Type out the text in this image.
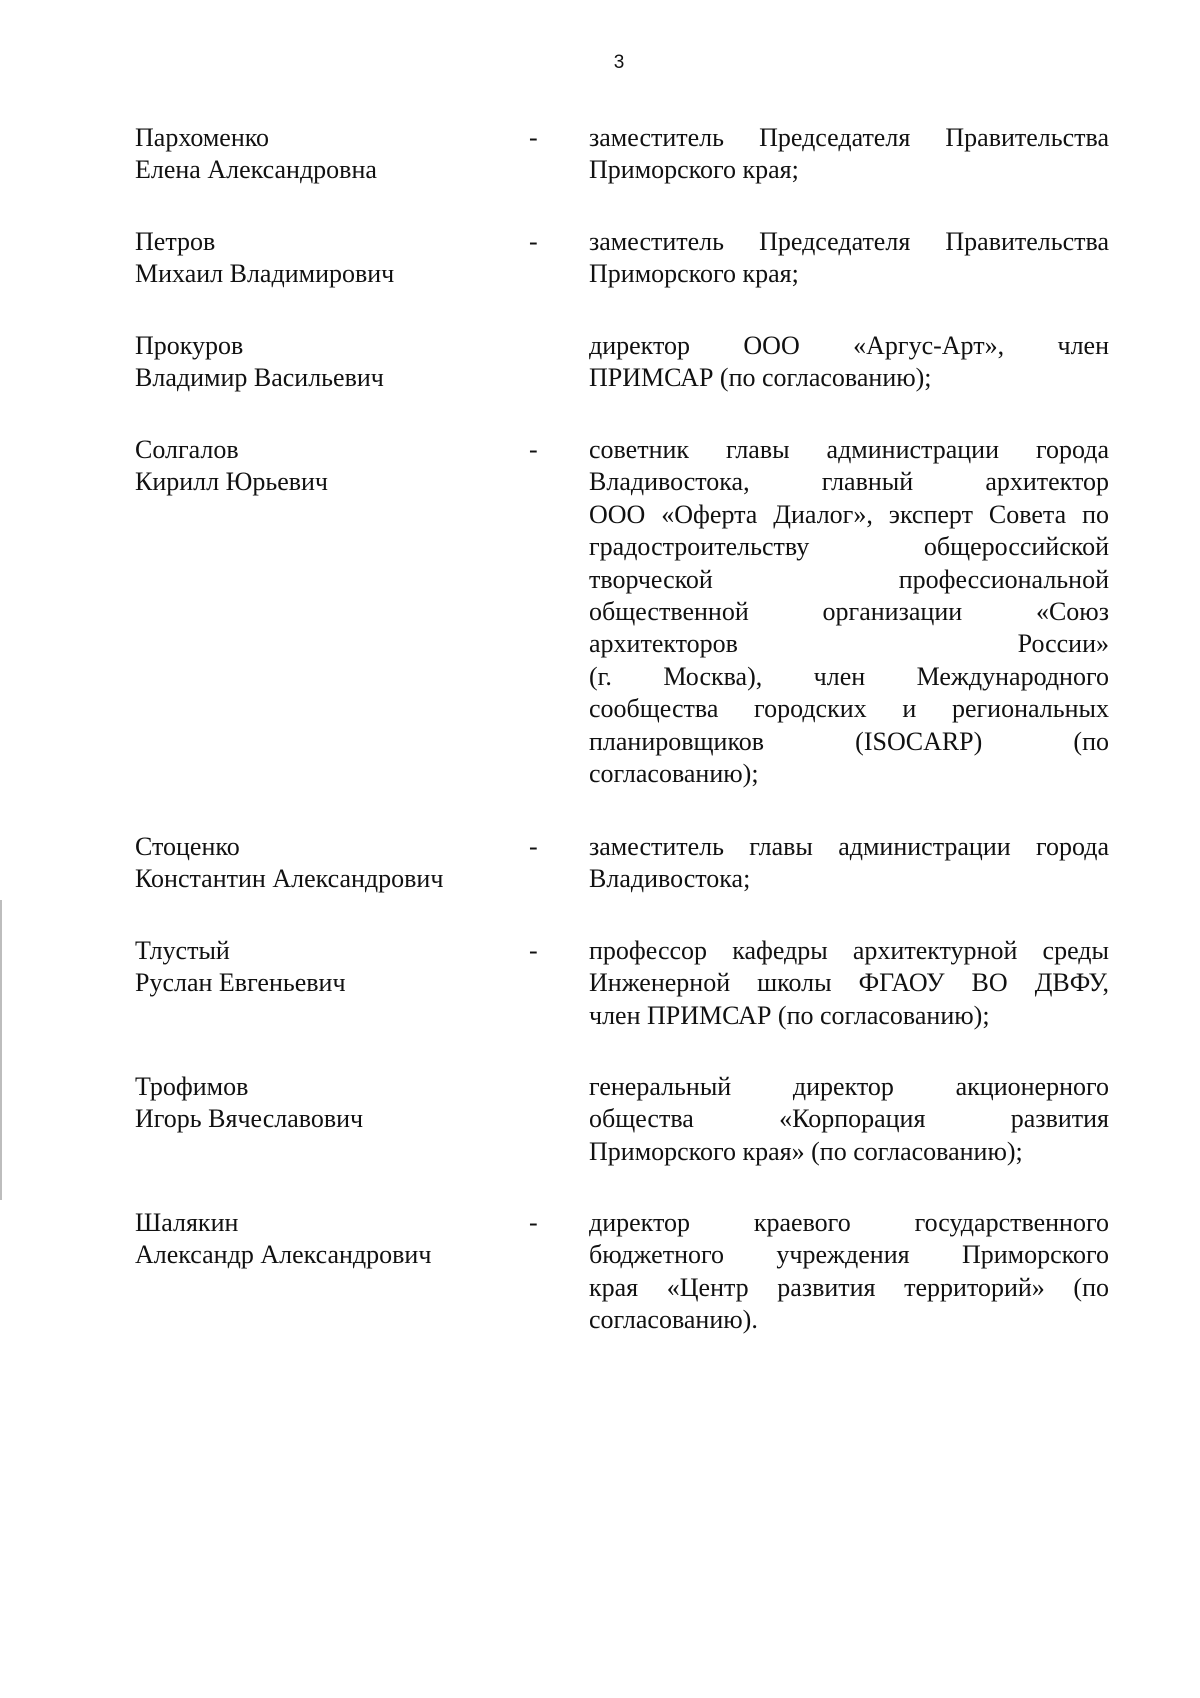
3
Пархоменко
Елена Александровна
- заместитель Председателя Правительства
Приморского края;
Петров
Михаил Владимирович
- заместитель Председателя Правительства
Приморского края;
Прокуров
Владимир Васильевич
директор ООО «Аргус-Арт», член
ПРИМСАР (по согласованию);
Солгалов
Кирилл Юрьевич
- советник главы администрации города
Владивостока, главный архитектор
ООО «Оферта Диалог», эксперт Совета по
градостроительству общероссийской
творческой профессиональной
общественной организации «Союз
архитекторов России»
(г. Москва), член Международного
сообщества городских и региональных
планировщиков (ISOCARP) (по
согласованию);
Стоценко
Константин Александрович
- заместитель главы администрации города
Владивостока;
Тлустый
Руслан Евгеньевич
- профессор кафедры архитектурной среды
Инженерной школы ФГАОУ ВО ДВФУ,
член ПРИМСАР (по согласованию);
Трофимов
Игорь Вячеславович
генеральный директор акционерного
общества «Корпорация развития
Приморского края» (по согласованию);
Шалякин
Александр Александрович
- директор краевого государственного
бюджетного учреждения Приморского
края «Центр развития территорий» (по
согласованию).
